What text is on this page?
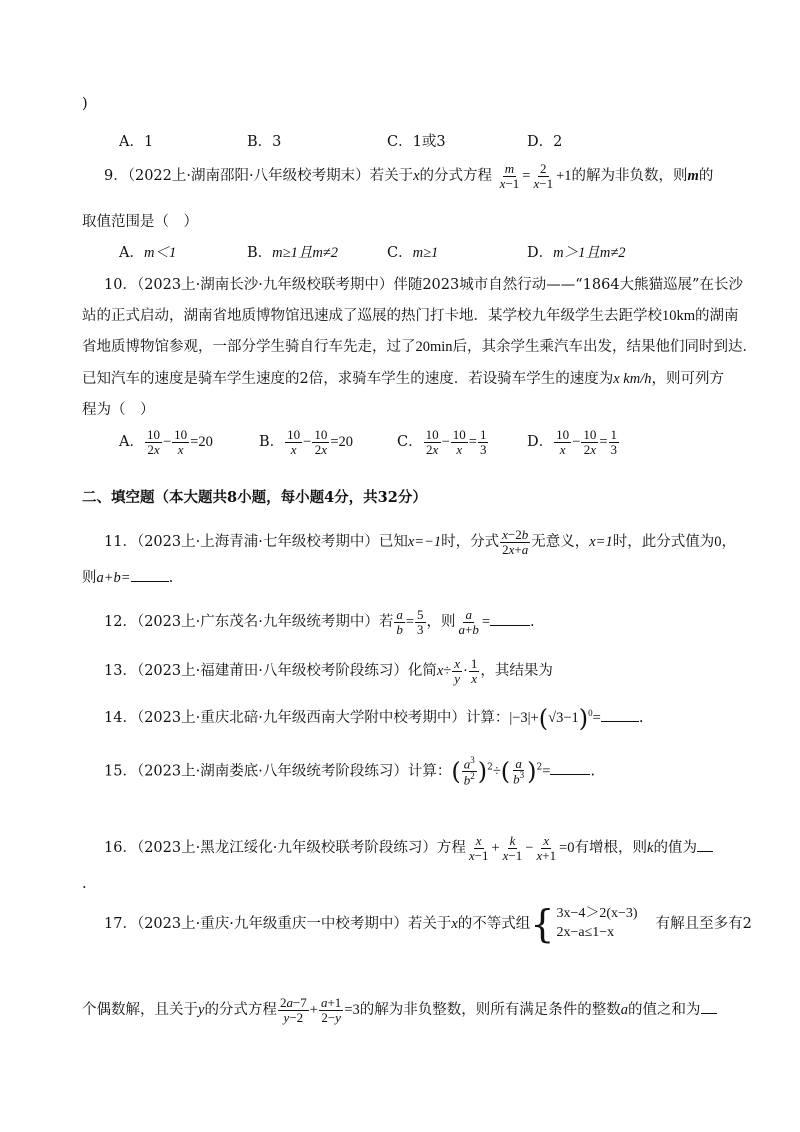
)
A．1	B．3	C．1或3	D．2
9．（2022上·湖南邵阳·八年级校考期末）若关于x的分式方程 $\frac{m}{x-1} = \frac{2}{x-1} +1$的解为非负数，则m的
取值范围是（　）
A．m＜1	B．m≥1且m≠2	C．m≥1	D．m＞1且m≠2
10．（2023上·湖南长沙·九年级校联考期中）伴随2023城市自然行动——“1864大熊猫巡展”在长沙
站的正式启动，湖南省地质博物馆迅速成了巡展的热门打卡地．某学校九年级学生去距学校10km的湖南
省地质博物馆参观，一部分学生骑自行车先走，过了20min后，其余学生乘汽车出发，结果他们同时到达．
已知汽车的速度是骑车学生速度的2倍，求骑车学生的速度．若设骑车学生的速度为x km/h，则可列方
程为（　）
A． $\frac{10}{2x} - \frac{10}{x} =20$	B． $\frac{10}{x} - \frac{10}{2x} =20$	C． $\frac{10}{2x} - \frac{10}{x} = \frac{1}{3}$	D． $\frac{10}{x} - \frac{10}{2x} = \frac{1}{3}$
二、填空题（本大题共8小题，每小题4分，共32分）
11．（2023上·上海青浦·七年级校考期中）已知x=−1时，分式 $\frac{x-2b}{2x+a}$ 无意义，x=1时，此分式值为0，
则a+b=	.
12．（2023上·广东茂名·九年级统考期中）若 $\frac{a}{b} = \frac{5}{3}$ ，则 $\frac{a}{a+b}$ =	.
13．（2023上·福建莆田·八年级校考阶段练习）化简$x\div \frac{x}{y} \cdot \frac{1}{x}$ ，其结果为
14．（2023上·重庆北碚·九年级西南大学附中校考期中）计算：$|-3|+(√3-1)^0=$	.
15．（2023上·湖南娄底·八年级统考阶段练习）计算：( $\frac{a^3}{b^2} )^2\div( \frac{a}{b^3} )^2=$	.
16．（2023上·黑龙江绥化·九年级校联考阶段练习）方程 $\frac{x}{x-1} + \frac{k}{x-1} - \frac{x}{x+1} =0$有增根，则k的值为
.
17．（2023上·重庆·九年级重庆一中校考期中）若关于x的不等式组 { 3x−4＞2(x−3)
2x−a≤1−x
有解且至多有2
个偶数解，且关于y的分式方程 $\frac{2a-7}{y-2} + \frac{a+1}{2-y} =3$的解为非负整数，则所有满足条件的整数a的值之和为
